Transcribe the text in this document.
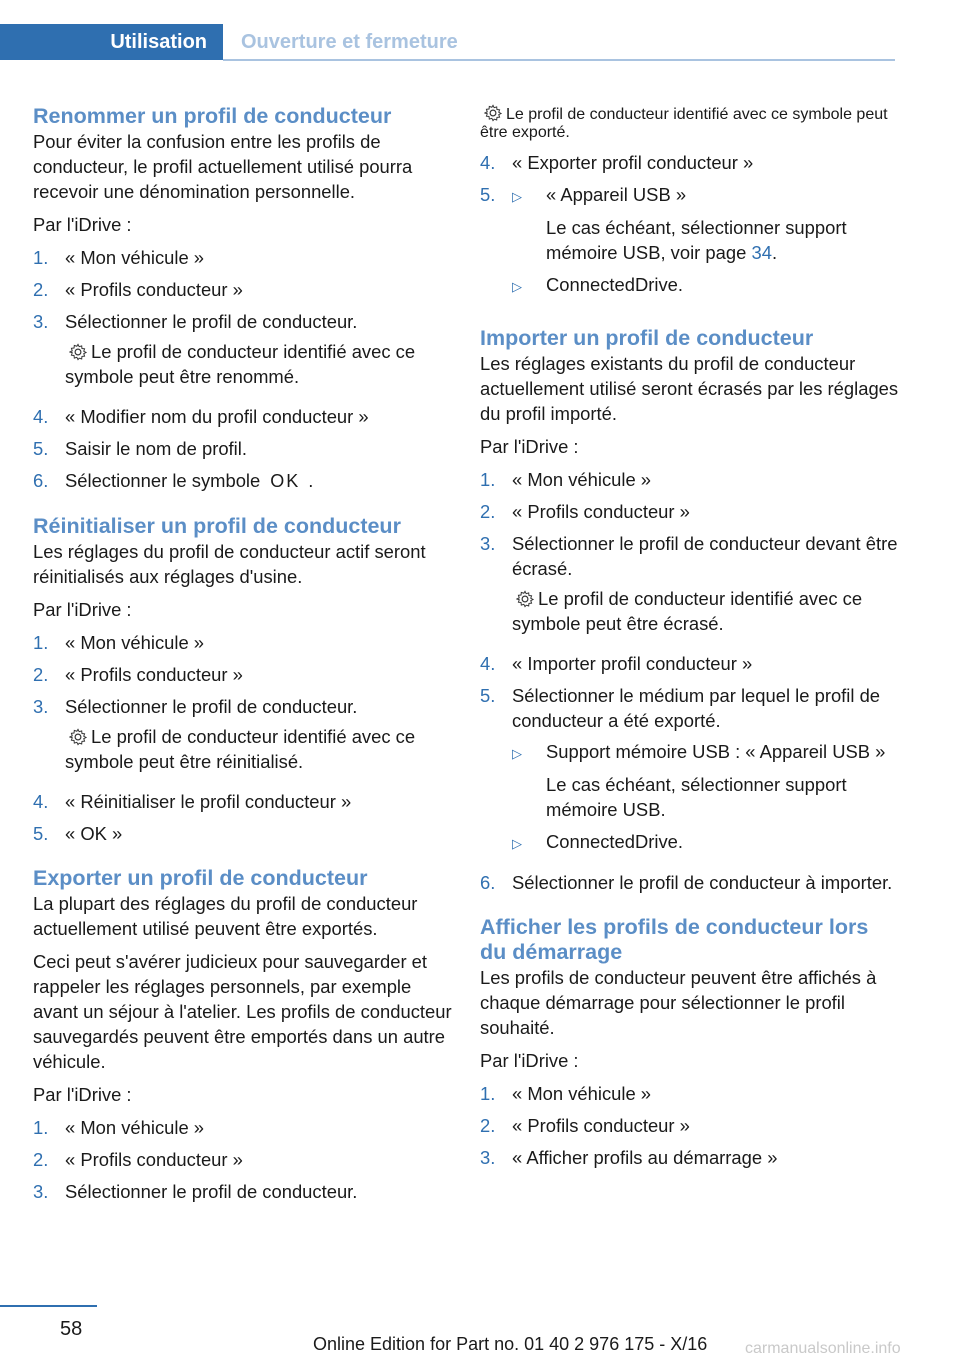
Utilisation	Ouverture et fermeture
Renommer un profil de conducteur

Pour éviter la confusion entre les profils de conducteur, le profil actuellement utilisé pourra recevoir une dénomination personnelle.

Par l'iDrive :

1. « Mon véhicule »
2. « Profils conducteur »
3. Sélectionner le profil de conducteur.
Le profil de conducteur identifié avec ce symbole peut être renommé.
4. « Modifier nom du profil conducteur »
5. Saisir le nom de profil.
6. Sélectionner le symbole OK .
Réinitialiser un profil de conducteur

Les réglages du profil de conducteur actif seront réinitialisés aux réglages d'usine.

Par l'iDrive :

1. « Mon véhicule »
2. « Profils conducteur »
3. Sélectionner le profil de conducteur.
Le profil de conducteur identifié avec ce symbole peut être réinitialisé.
4. « Réinitialiser le profil conducteur »
5. « OK »
Exporter un profil de conducteur

La plupart des réglages du profil de conducteur actuellement utilisé peuvent être exportés.

Ceci peut s'avérer judicieux pour sauvegarder et rappeler les réglages personnels, par exemple avant un séjour à l'atelier. Les profils de conducteur sauvegardés peuvent être emportés dans un autre véhicule.

Par l'iDrive :

1. « Mon véhicule »
2. « Profils conducteur »
3. Sélectionner le profil de conducteur.
Le profil de conducteur identifié avec ce symbole peut être exporté.
4. « Exporter profil conducteur »
5.	▷	« Appareil USB »
Le cas échéant, sélectionner support mémoire USB, voir page 34.
▷	ConnectedDrive.
Importer un profil de conducteur

Les réglages existants du profil de conducteur actuellement utilisé seront écrasés par les réglages du profil importé.

Par l'iDrive :

1. « Mon véhicule »
2. « Profils conducteur »
3. Sélectionner le profil de conducteur devant être écrasé.
Le profil de conducteur identifié avec ce symbole peut être écrasé.
4. « Importer profil conducteur »
5. Sélectionner le médium par lequel le profil de conducteur a été exporté.
▷	Support mémoire USB : « Appareil USB »
Le cas échéant, sélectionner support mémoire USB.
▷	ConnectedDrive.
6. Sélectionner le profil de conducteur à importer.
Afficher les profils de conducteur lors du démarrage

Les profils de conducteur peuvent être affichés à chaque démarrage pour sélectionner le profil souhaité.

Par l'iDrive :

1. « Mon véhicule »
2. « Profils conducteur »
3. « Afficher profils au démarrage »
58
Online Edition for Part no. 01 40 2 976 175 - X/16 carmanualsonline.info
